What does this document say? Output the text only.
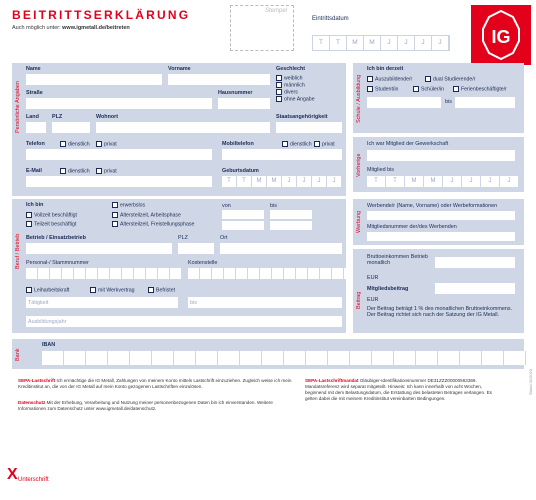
BEITRITTSERKLÄRUNG
Auch möglich unter: www.igmetall.de/beitreten
Stempel
Eintrittsdatum
T	T	M	M	J	J	J	J	IG
Persönliche Angaben
Name	Vorname	Geschlecht
weiblich
männlich
divers
ohne Angabe
Straße	Hausnummer
Land PLZ	Wohnort	Staatsangehörigkeit
Telefon	dienstlich	privat	Mobiltelefon	dienstlich	privat
E-Mail	dienstlich	privat	Geburtsdatum
T	T	M	M	J	J	J	J
Schule / Ausbildung
Ich bin derzeit
Auszubildende/r	dual Studierende/r
Student/in	Schüler/in	Ferienbeschäftigte/r
bis
Vorherige
Ich war Mitglied der Gewerkschaft
Mitglied bis
T	T	M	M	J	J	J	J
Beruf / Betrieb
Ich bin
Vollzeit beschäftigt
Teilzeit beschäftigt
erwerbslos
Altersteilzeit, Arbeitsphase
Altersteilzeit, Freistellungsphase
von	bis
Betrieb / Einsatzbetrieb	PLZ	Ort
Personal-/ Stammnummer	Kostenstelle
Leiharbeitskraft	mit Werkvertrag	Befristet
Tätigkeit	bis
Ausbildungsjahr
Werbung
Werbende/r (Name, Vorname) oder Werbeformationen
Mitgliedsnummer der/des Werbenden
Beitrag
Bruttoeinkommen Betrieb monatlich
EUR
Mitgliedsbeitrag
EUR
Der Beitrag beträgt 1 % des monatlichen Bruttoeinkommens. Der Beitrag richtet sich nach der Satzung der IG Metall.
Bank
IBAN
SEPA-Lastschrift Ich ermächtige die IG Metall, Zahlungen von meinem Konto mittels Lastschrift einzuziehen. Zugleich weise ich mein Kreditinstitut an, die von der IG Metall auf mein Konto gezogenen Lastschriften einzulösen.
Datenschutz Mit der Erhebung, Verarbeitung und Nutzung meiner personenbezogenen Daten bin ich einverstanden. Weitere Informationen zum Datenschutz unter www.igmetall.de/datenschutz.
SEPA-Lastschriftmandat Gläubiger-Identifikationsnummer DE31ZZZ00000563369. Mandatsreferenz wird separat mitgeteilt. Hinweis: Ich kann innerhalb von acht Wochen, beginnend mit dem Belastungsdatum, die Erstattung des belasteten Betrages verlangen. Es gelten dabei die mit meinem Kreditinstitut vereinbarten Bedingungen.
X Unterschrift
Stand 01/2020
